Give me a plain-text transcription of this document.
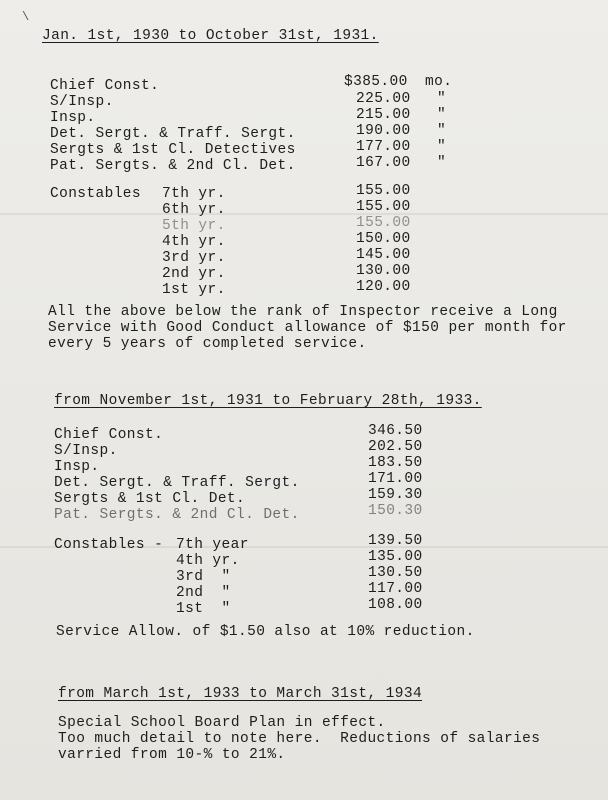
\
Jan. 1st, 1930 to October 31st, 1931.
Chief Const.	$385.00 mo.
S/Insp.	225.00 "
Insp.	215.00 "
Det. Sergt. & Traff. Sergt.	190.00 "
Sergts & 1st Cl. Detectives	177.00 "
Pat. Sergts. & 2nd Cl. Det.	167.00 "
Constables 7th yr.	155.00
6th yr.	155.00
5th yr.	155.00
4th yr.	150.00
3rd yr.	145.00
2nd yr.	130.00
1st yr.	120.00
All the above below the rank of Inspector receive a Long
Service with Good Conduct allowance of $150 per month for
every 5 years of completed service.
from November 1st, 1931 to February 28th, 1933.
Chief Const.	346.50
S/Insp.	202.50
Insp.	183.50
Det. Sergt. & Traff. Sergt.	171.00
Sergts & 1st Cl. Det.	159.30
Pat. Sergts. & 2nd Cl. Det.	150.30
Constables - 7th year	139.50
4th yr.	135.00
3rd  "	130.50
2nd  "	117.00
1st  "	108.00
Service Allow. of $1.50 also at 10% reduction.
from March 1st, 1933 to March 31st, 1934
Special School Board Plan in effect.
Too much detail to note here.  Reductions of salaries
varried from 10-% to 21%.
